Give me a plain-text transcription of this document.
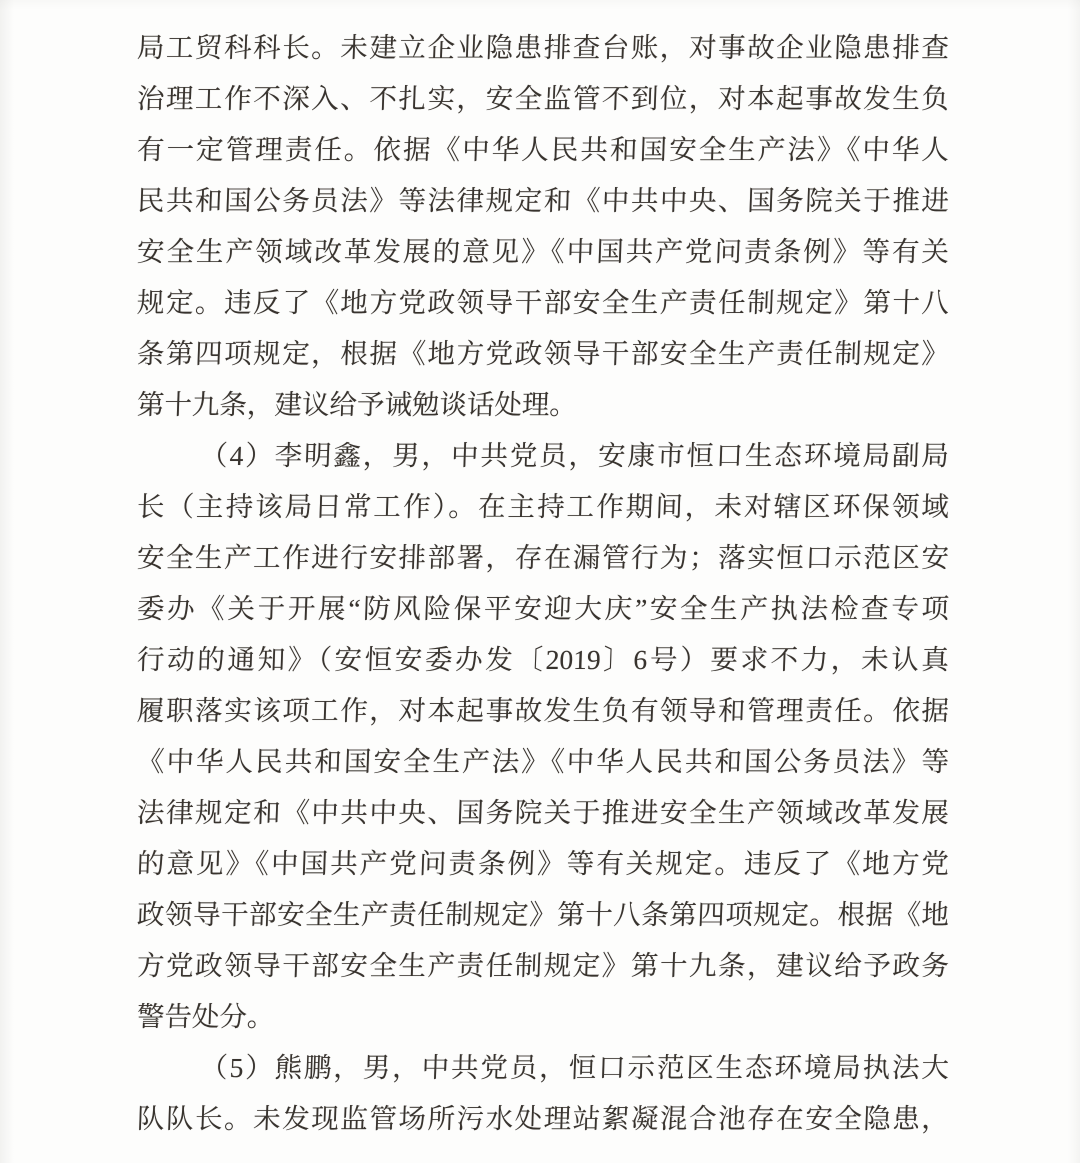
局工贸科科长。未建立企业隐患排查台账，对事故企业隐患排查
治理工作不深入、不扎实，安全监管不到位，对本起事故发生负
有一定管理责任。依据《中华人民共和国安全生产法》《中华人
民共和国公务员法》等法律规定和《中共中央、国务院关于推进
安全生产领域改革发展的意见》《中国共产党问责条例》等有关
规定。违反了《地方党政领导干部安全生产责任制规定》第十八
条第四项规定，根据《地方党政领导干部安全生产责任制规定》
第十九条，建议给予诫勉谈话处理。
（4）李明鑫，男，中共党员，安康市恒口生态环境局副局
长（主持该局日常工作）。在主持工作期间，未对辖区环保领域
安全生产工作进行安排部署，存在漏管行为；落实恒口示范区安
委办《关于开展“防风险保平安迎大庆”安全生产执法检查专项
行动的通知》（安恒安委办发〔2019〕6号）要求不力，未认真
履职落实该项工作，对本起事故发生负有领导和管理责任。依据
《中华人民共和国安全生产法》《中华人民共和国公务员法》等
法律规定和《中共中央、国务院关于推进安全生产领域改革发展
的意见》《中国共产党问责条例》等有关规定。违反了《地方党
政领导干部安全生产责任制规定》第十八条第四项规定。根据《地
方党政领导干部安全生产责任制规定》第十九条，建议给予政务
警告处分。
（5）熊鹏，男，中共党员，恒口示范区生态环境局执法大
队队长。未发现监管场所污水处理站絮凝混合池存在安全隐患，
